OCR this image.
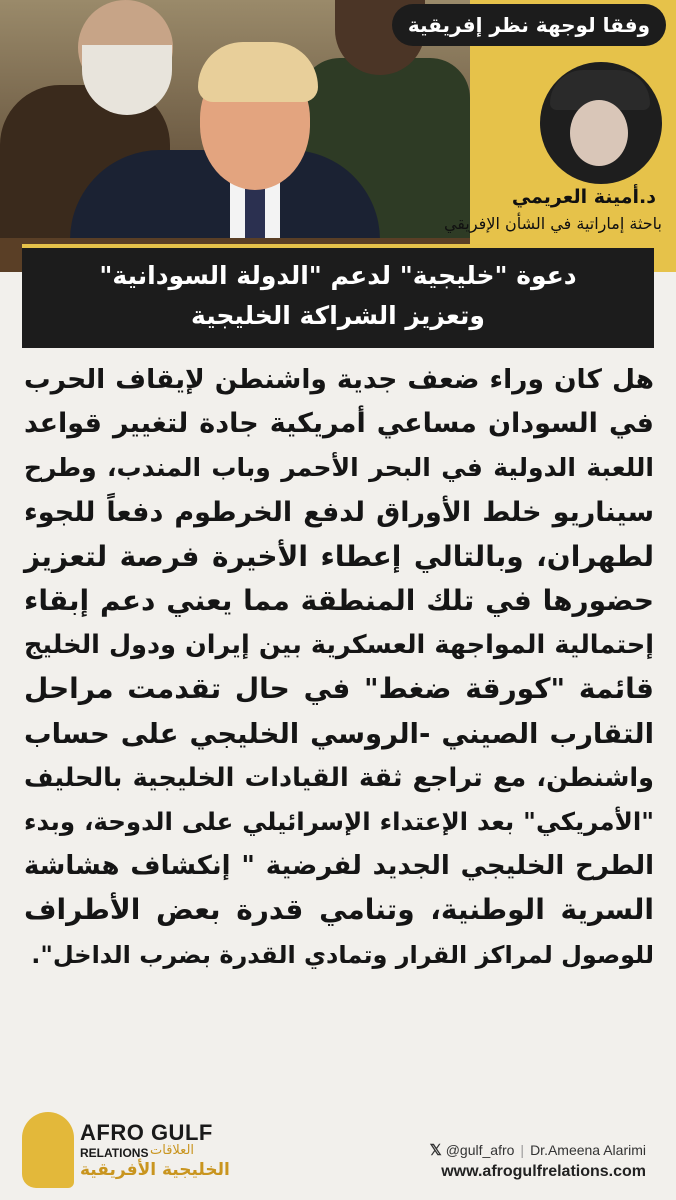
وفقا لوجهة نظر إفريقية
د.أمينة العريمي
باحثة إماراتية في الشأن الإفريقي
دعوة "خليجية" لدعم "الدولة السودانية"
وتعزيز الشراكة الخليجية
هل كان وراء ضعف جدية واشنطن لإيقاف الحرب
في السودان مساعي أمريكية جادة لتغيير قواعد
اللعبة الدولية في البحر الأحمر وباب المندب، وطرح
سيناريو خلط الأوراق لدفع الخرطوم دفعاً للجوء
لطهران، وبالتالي إعطاء الأخيرة فرصة لتعزيز
حضورها في تلك المنطقة مما يعني دعم إبقاء
إحتمالية المواجهة العسكرية بين إيران ودول الخليج
قائمة "كورقة ضغط" في حال تقدمت مراحل
التقارب الصيني -الروسي الخليجي على حساب
واشنطن، مع تراجع ثقة القيادات الخليجية بالحليف
"الأمريكي" بعد الإعتداء الإسرائيلي على الدوحة، وبدء
الطرح الخليجي الجديد لفرضية " إنكشاف هشاشة
السرية الوطنية، وتنامي قدرة بعض الأطراف
للوصول لمراكز القرار وتمادي القدرة بضرب الداخل".
AFRO GULF
RELATIONS العلاقات
الخليجية الأفريقية
𝕏 @gulf_afro | Dr.Ameena Alarimi
www.afrogulfrelations.com
